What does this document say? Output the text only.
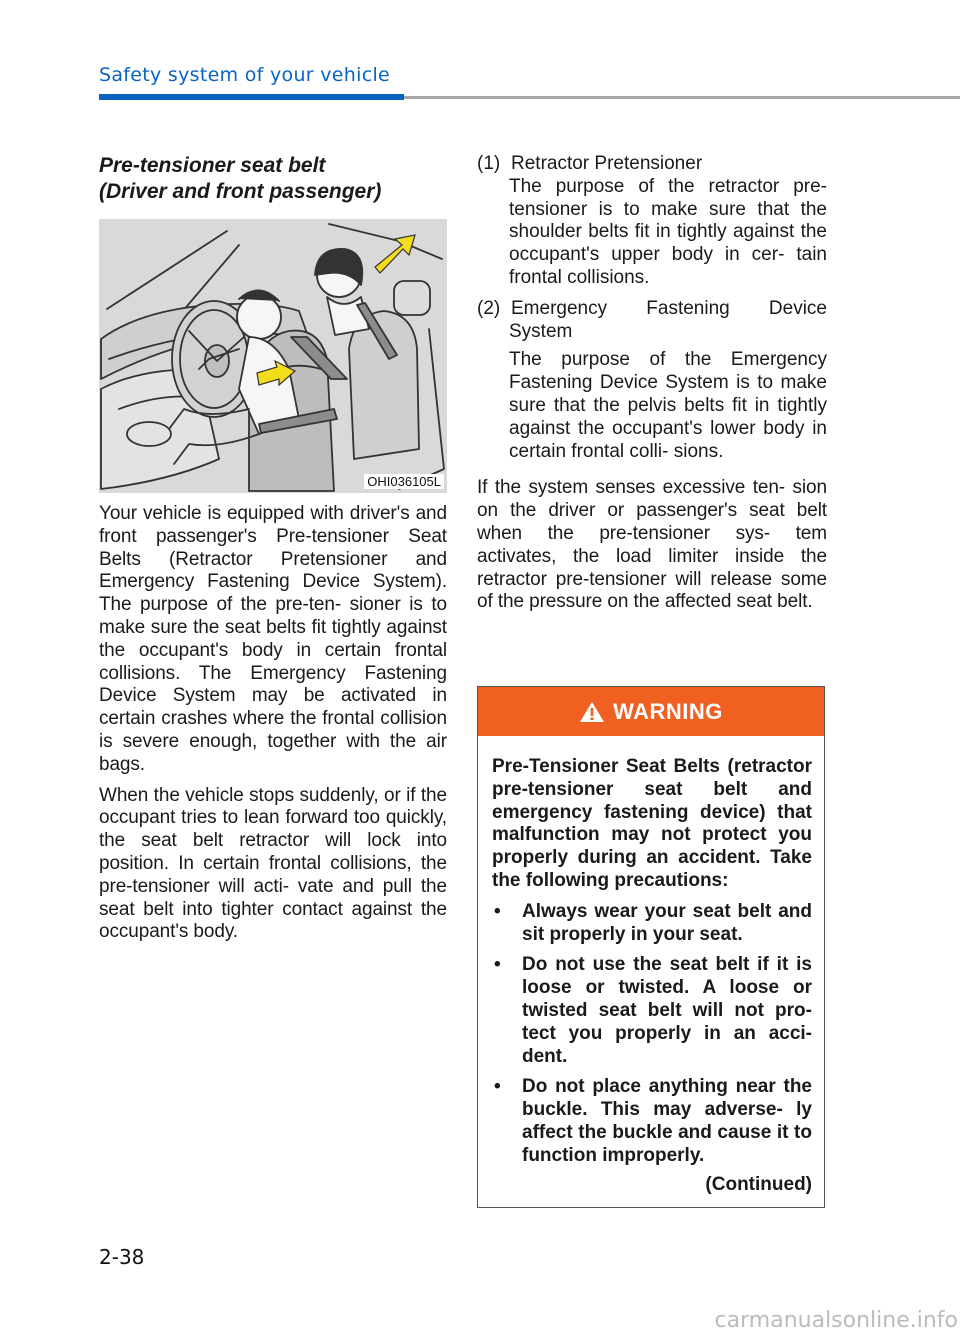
Safety system of your vehicle
Pre-tensioner seat belt
(Driver and front passenger)
OHI036105L

Your vehicle is equipped with driver's and front passenger's Pre-tensioner Seat Belts (Retractor Pretensioner and Emergency Fastening Device System). The purpose of the pre-ten- sioner is to make sure the seat belts fit tightly against the occupant's body in certain frontal collisions. The Emergency Fastening Device System may be activated in certain crashes where the frontal collision is severe enough, together with the air bags.

When the vehicle stops suddenly, or if the occupant tries to lean forward too quickly, the seat belt retractor will lock into position. In certain frontal collisions, the pre-tensioner will acti- vate and pull the seat belt into tighter contact against the occupant's body.

(1) Retractor Pretensioner

The purpose of the retractor pre- tensioner is to make sure that the shoulder belts fit in tightly against the occupant's upper body in cer- tain frontal collisions.

(2) Emergency Fastening Device
System

The purpose of the Emergency Fastening Device System is to make sure that the pelvis belts fit in tightly against the occupant's lower body in certain frontal colli- sions.

If the system senses excessive ten- sion on the driver or passenger's seat belt when the pre-tensioner sys- tem activates, the load limiter inside the retractor pre-tensioner will release some of the pressure on the affected seat belt.

WARNING

Pre-Tensioner Seat Belts (retractor pre-tensioner seat belt and emergency fastening device) that malfunction may not protect you properly during an accident. Take the following precautions:

• Always wear your seat belt and sit properly in your seat.

• Do not use the seat belt if it is loose or twisted. A loose or twisted seat belt will not pro- tect you properly in an acci- dent.

• Do not place anything near the buckle. This may adverse- ly affect the buckle and cause it to function improperly.

(Continued)

2-38
carmanualsonline.info
